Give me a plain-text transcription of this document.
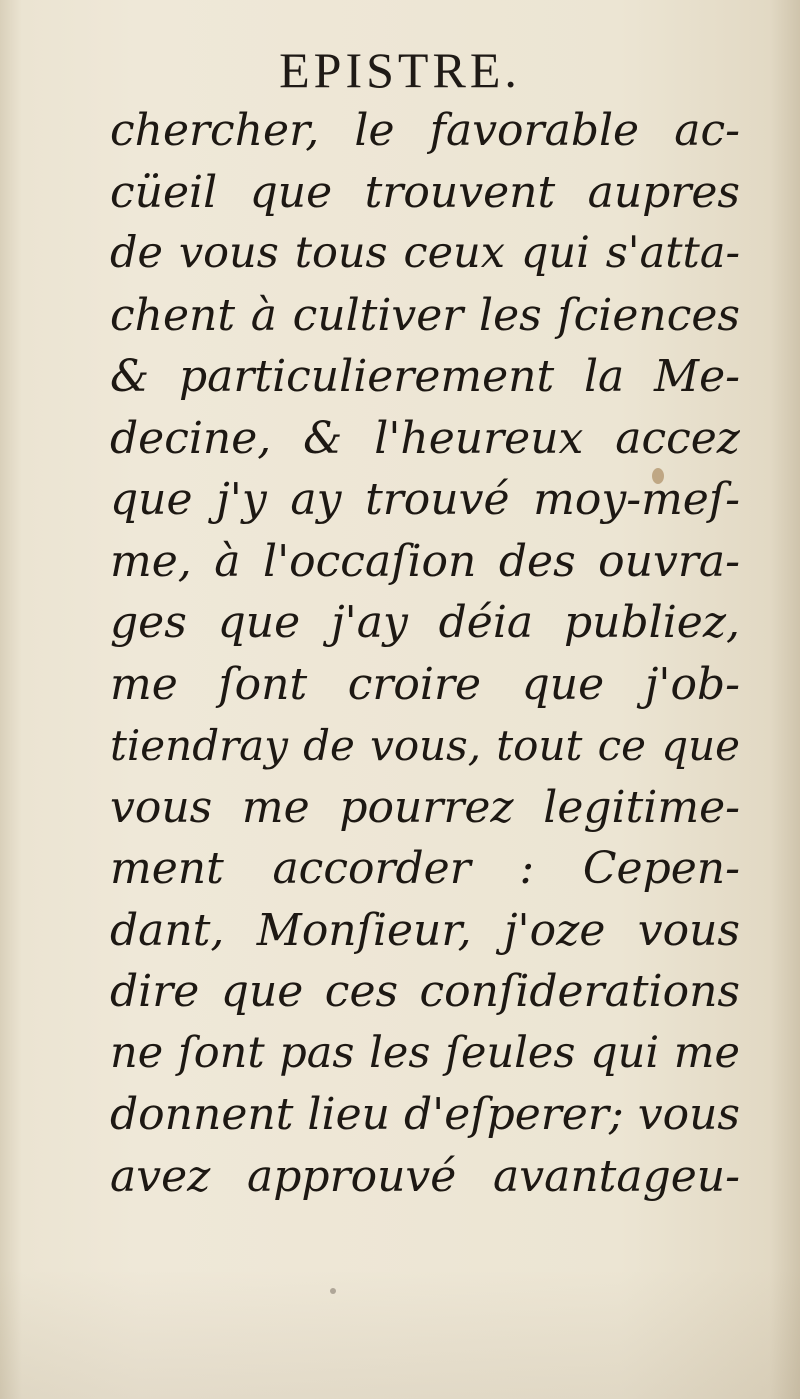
EPISTRE.
chercher, le favorable ac-
cüeil que trouvent aupres
de vous tous ceux qui s'atta-
chent à cultiver les ſciences
& particulierement la Me-
decine, & l'heureux accez
que j'y ay trouvé moy-meſ-
me, à l'occaſion des ouvra-
ges que j'ay déia publiez,
me ſont croire que j'ob-
tiendray de vous, tout ce que
vous me pourrez legitime-
ment accorder : Cepen-
dant, Monſieur, j'oze vous
dire que ces conſiderations
ne ſont pas les ſeules qui me
donnent lieu d'eſperer; vous
avez approuvé avantageu-
